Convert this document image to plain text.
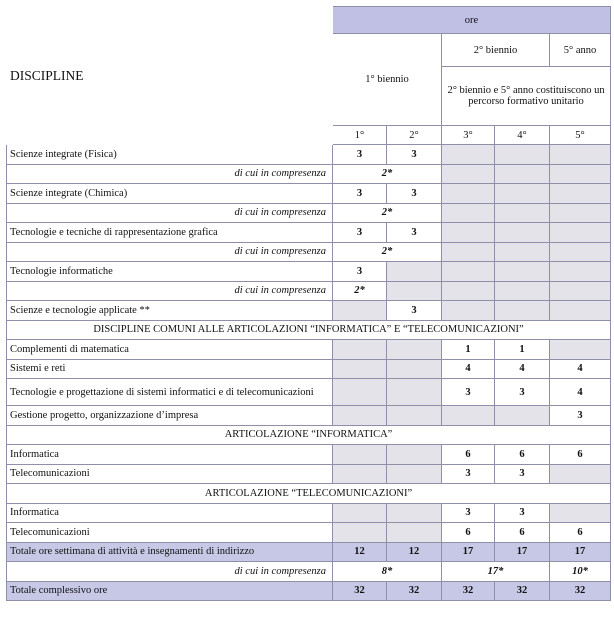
DISCIPLINE	ore				
	1° biennio		2° biennio		5° anno
			2° biennio e 5° anno costituiscono un percorso formativo unitario		
	1°	2°	3°	4°	5°
Scienze integrate (Fisica)	3	3			
di cui in compresenza	2*				
Scienze integrate (Chimica)	3	3			
di cui in compresenza	2*				
Tecnologie e tecniche di rappresentazione grafica	3	3			
di cui in compresenza	2*				
Tecnologie informatiche	3				
di cui in compresenza	2*				
Scienze e tecnologie applicate **		3			
DISCIPLINE COMUNI ALLE ARTICOLAZIONI “INFORMATICA” E “TELECOMUNICAZIONI”					
Complementi di matematica			1	1	
Sistemi e reti			4	4	4
Tecnologie e progettazione di sistemi informatici e di telecomunicazioni			3	3	4
Gestione progetto, organizzazione d’impresa					3
ARTICOLAZIONE “INFORMATICA”					
Informatica			6	6	6
Telecomunicazioni			3	3	
ARTICOLAZIONE “TELECOMUNICAZIONI”					
Informatica			3	3	
Telecomunicazioni			6	6	6
Totale ore settimana di attività e insegnamenti di indirizzo	12	12	17	17	17
di cui in compresenza	8*		17*		10*
Totale complessivo ore	32	32	32	32	32
